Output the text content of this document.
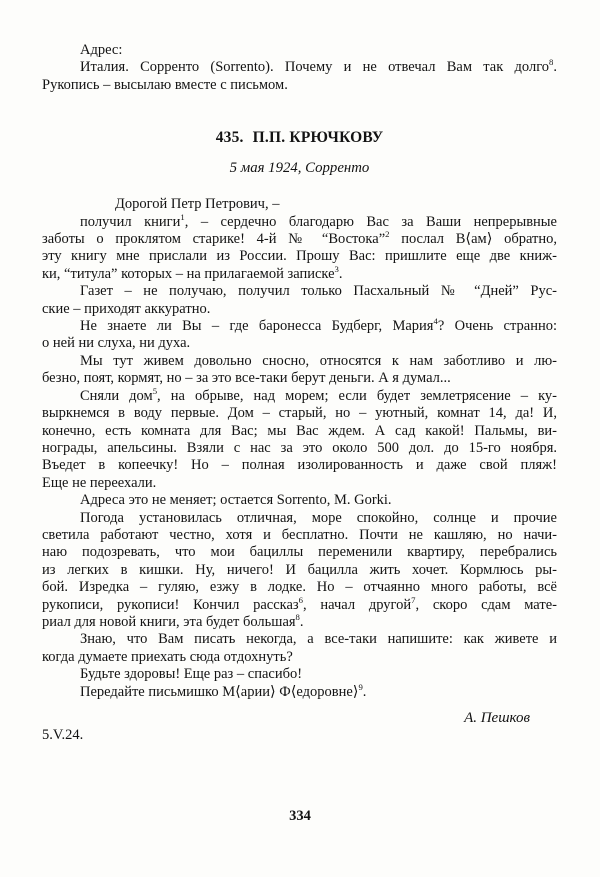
Адрес:
Италия. Сорренто (Sorrento). Почему и не отвечал Вам так долго$^8$.
Рукопись – высылаю вместе с письмом.
435. П.П. КРЮЧКОВУ
5 мая 1924, Сорренто
Дорогой Петр Петрович, –
получил книги$^1$, – сердечно благодарю Вас за Ваши непрерывные
заботы о проклятом старике! 4-й № “Востока”$^2$ послал В⟨ам⟩ обратно,
эту книгу мне прислали из России. Прошу Вас: пришлите еще две книж-
ки, “титула” которых – на прилагаемой записке$^3$.
Газет – не получаю, получил только Пасхальный № “Дней” Рус-
ские – приходят аккуратно.
Не знаете ли Вы – где баронесса Будберг, Мария$^4$? Очень странно:
о ней ни слуха, ни духа.
Мы тут живем довольно сносно, относятся к нам заботливо и лю-
безно, поят, кормят, но – за это все-таки берут деньги. А я думал...
Сняли дом$^5$, на обрыве, над морем; если будет землетрясение – ку-
выркнемся в воду первые. Дом – старый, но – уютный, комнат 14, да! И,
конечно, есть комната для Вас; мы Вас ждем. А сад какой! Пальмы, ви-
нограды, апельсины. Взяли с нас за это около 500 дол. до 15-го ноября.
Въедет в копеечку! Но – полная изолированность и даже свой пляж!
Еще не переехали.
Адреса это не меняет; остается Sorrento, M. Gorki.
Погода установилась отличная, море спокойно, солнце и прочие
светила работают честно, хотя и бесплатно. Почти не кашляю, но начи-
наю подозревать, что мои бациллы переменили квартиру, перебрались
из легких в кишки. Ну, ничего! И бацилла жить хочет. Кормлюсь ры-
бой. Изредка – гуляю, езжу в лодке. Но – отчаянно много работы, всё
рукописи, рукописи! Кончил рассказ$^6$, начал другой$^7$, скоро сдам мате-
риал для новой книги, эта будет большая$^8$.
Знаю, что Вам писать некогда, а все-таки напишите: как живете и
когда думаете приехать сюда отдохнуть?
Будьте здоровы! Еще раз – спасибо!
Передайте письмишко М⟨арии⟩ Ф⟨едоровне⟩$^9$.
А. Пешков
5.V.24.
334
